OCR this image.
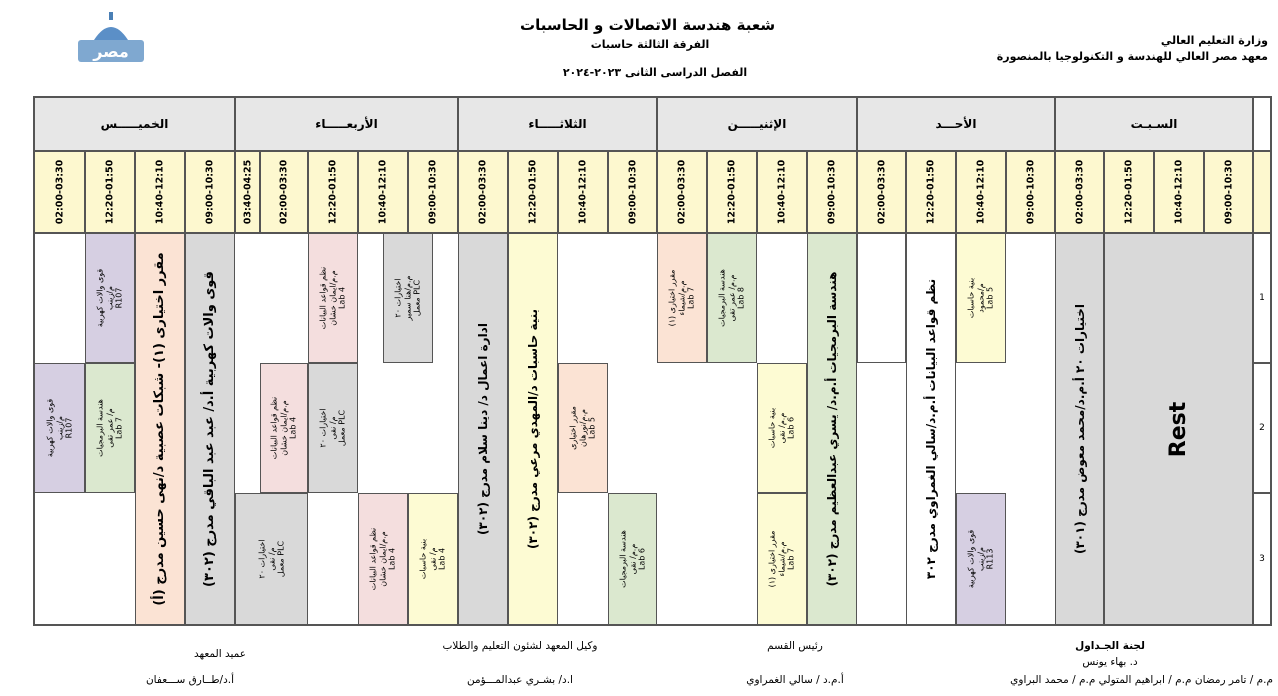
مصر
شعبة هندسة الاتصالات و الحاسبات
الفرقة الثالثة حاسبات
الفصل الدراسى الثانى ٢٠٢٣-٢٠٢٤
وزارة التعليم العالي
معهد مصر العالي للهندسة و التكنولوجيا بالمنصورة
السـبـت
الأحـــد
الإثنيـــــن
الثلاثـــــاء
الأربعـــــاء
الخميـــــس
09:00-10:30
10:40-12:10
12:20-01:50
02:00-03:30
09:00-10:30
10:40-12:10
12:20-01:50
02:00-03:30
09:00-10:30
10:40-12:10
12:20-01:50
02:00-03:30
09:00-10:30
10:40-12:10
12:20-01:50
02:00-03:30
09:00-10:30
10:40-12:10
12:20-01:50
02:00-03:30
03:40-04:25
09:00-10:30
10:40-12:10
12:20-01:50
02:00-03:30
1
2
3
اختيارات ٢٠ أ.م.د/محمد معوض مدرج (٣٠١)
Rest
هندسة البرمجيات أ.م.د/ يسري عبدالعظيم مدرج (٣٠٢)	بنية حاسبات
م/محمود
Lab 5
قوى والات كهربية
م/زينب
R113
نظم قواعد البيانات أ.م.د/سالي الغمراوي مدرج ٣٠٢
بنية حاسبات
م.م/ نقى
Lab 6
مقرر اختيارى (١)
م.م/شيماء
Lab 7
هندسة البرمجيات
م.م/ عمر تقى
Lab 8
مقرر اختيارى (١)
م.م/شيماء
Lab 7
هندسة البرمجيات
م.م/ نقى
Lab 6
مقرر اختيارى
م.م/نورهان
Lab 5
بنية حاسبات د/المهدي مرعي مدرج (٣٠٢)
ادارة اعمال د/ دينا سلام مدرج (٣٠٢)
اختيارات ٢٠
م.م/هنا سمير
معمل PLC
بنية حاسبات
م/ نقى
Lab 4
نظم قواعد البيانات
م.م/ايمان خشان
Lab 4
نظم قواعد البيانات
م.م/ايمان خشان
Lab 4
اختيارات ٢٠
م/ نقى
معمل PLC
نظم قواعد البيانات
م.م/ايمان خشان
Lab 4
اختيارات ٢٠
م/ نقى
معمل PLC
قوى والات كهربية أ.د/ عبد عبد الباقي مدرج (٣٠٢)
مقرر اختيارى (١)- شبكات عصبية د/نهى حسين مدرج (أ)
قوى والات كهربية
م/زينب
R107
هندسة البرمجيات
م/ عمر تقى
Lab 7
قوى والات كهربية
م/زينب
R107
لجنة الجـداول
د. بهاء يونس
م.م / تامر رمضان م.م / ابراهيم المتولي م.م / محمد البراوي
رئيس القسم
أ.م.د / سالي الغمراوي
وكيل المعهد لشئون التعليم والطلاب
ا.د/ بشـري عبدالمـــؤمن
عميد المعهد
أ.د/طــارق ســـعفان
